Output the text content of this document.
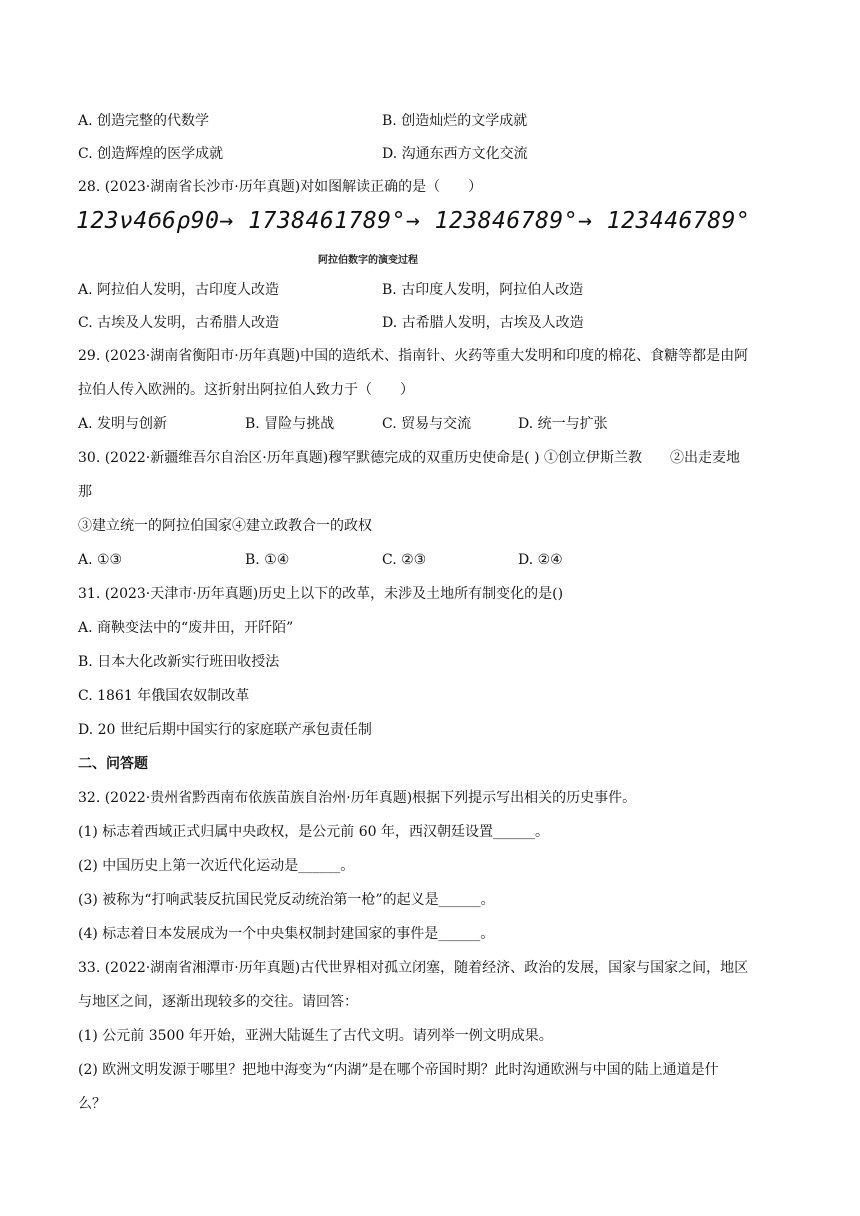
A. 创造完整的代数学	B. 创造灿烂的文学成就
C. 创造辉煌的医学成就	D. 沟通东西方文化交流
28. (2023·湖南省长沙市·历年真题)对如图解读正确的是（　　）
123ν4Ϭ6ρ90→ 1738461789°→ 123846789°→ 123446789°
阿拉伯数字的演变过程
A. 阿拉伯人发明，古印度人改造	B. 古印度人发明，阿拉伯人改造
C. 古埃及人发明，古希腊人改造	D. 古希腊人发明，古埃及人改造
29. (2023·湖南省衡阳市·历年真题)中国的造纸术、指南针、火药等重大发明和印度的棉花、食糖等都是由阿
拉伯人传入欧洲的。这折射出阿拉伯人致力于（　　）
A. 发明与创新	B. 冒险与挑战	C. 贸易与交流	D. 统一与扩张
30. (2022·新疆维吾尔自治区·历年真题)穆罕默德完成的双重历史使命是( ) ①创立伊斯兰教　　②出走麦地
那
③建立统一的阿拉伯国家④建立政教合一的政权
A. ①③	B. ①④	C. ②③	D. ②④
31. (2023·天津市·历年真题)历史上以下的改革，未涉及土地所有制变化的是()
A. 商鞅变法中的“废井田，开阡陌”
B. 日本大化改新实行班田收授法
C. 1861 年俄国农奴制改革
D. 20 世纪后期中国实行的家庭联产承包责任制
二、问答题
32. (2022·贵州省黔西南布依族苗族自治州·历年真题)根据下列提示写出相关的历史事件。
(1) 标志着西域正式归属中央政权，是公元前 60 年，西汉朝廷设置______。
(2) 中国历史上第一次近代化运动是______。
(3) 被称为“打响武装反抗国民党反动统治第一枪”的起义是______。
(4) 标志着日本发展成为一个中央集权制封建国家的事件是______。
33. (2022·湖南省湘潭市·历年真题)古代世界相对孤立闭塞，随着经济、政治的发展，国家与国家之间，地区
与地区之间，逐渐出现较多的交往。请回答：
(1) 公元前 3500 年开始，亚洲大陆诞生了古代文明。请列举一例文明成果。
(2) 欧洲文明发源于哪里？把地中海变为“内湖”是在哪个帝国时期？此时沟通欧洲与中国的陆上通道是什
么？
